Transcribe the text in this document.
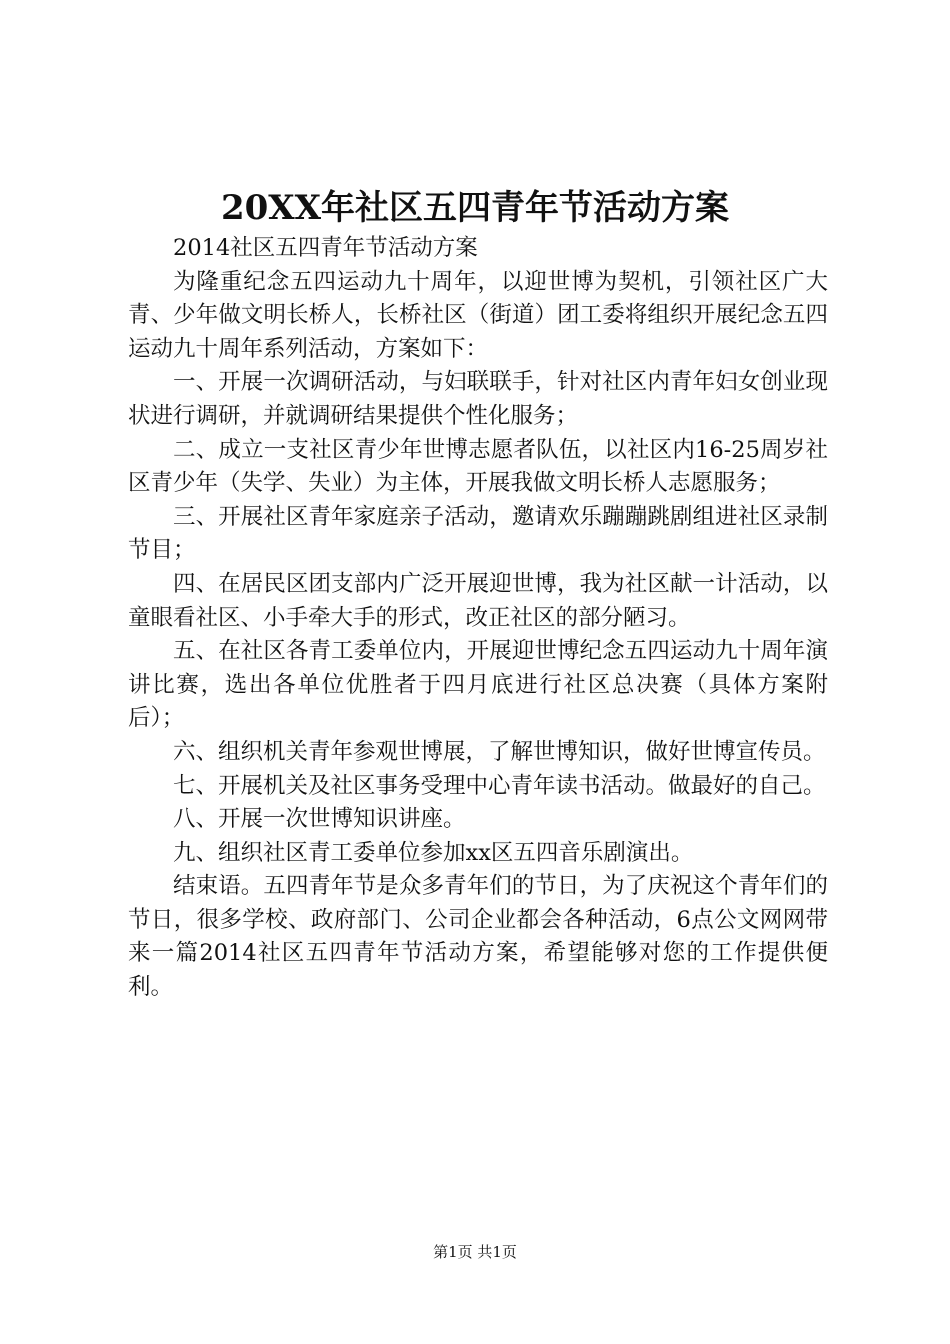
20XX年社区五四青年节活动方案

2014社区五四青年节活动方案

为隆重纪念五四运动九十周年，以迎世博为契机，引领社区广大青、少年做文明长桥人，长桥社区（街道）团工委将组织开展纪念五四运动九十周年系列活动，方案如下：

一、开展一次调研活动，与妇联联手，针对社区内青年妇女创业现状进行调研，并就调研结果提供个性化服务；

二、成立一支社区青少年世博志愿者队伍，以社区内16-25周岁社区青少年（失学、失业）为主体，开展我做文明长桥人志愿服务；

三、开展社区青年家庭亲子活动，邀请欢乐蹦蹦跳剧组进社区录制节目；

四、在居民区团支部内广泛开展迎世博，我为社区献一计活动，以童眼看社区、小手牵大手的形式，改正社区的部分陋习。

五、在社区各青工委单位内，开展迎世博纪念五四运动九十周年演讲比赛，选出各单位优胜者于四月底进行社区总决赛（具体方案附后）；

六、组织机关青年参观世博展，了解世博知识，做好世博宣传员。

七、开展机关及社区事务受理中心青年读书活动。做最好的自己。

八、开展一次世博知识讲座。

九、组织社区青工委单位参加xx区五四音乐剧演出。

结束语。五四青年节是众多青年们的节日，为了庆祝这个青年们的节日，很多学校、政府部门、公司企业都会各种活动，6点公文网网带来一篇2014社区五四青年节活动方案，希望能够对您的工作提供便利。

第1页 共1页
